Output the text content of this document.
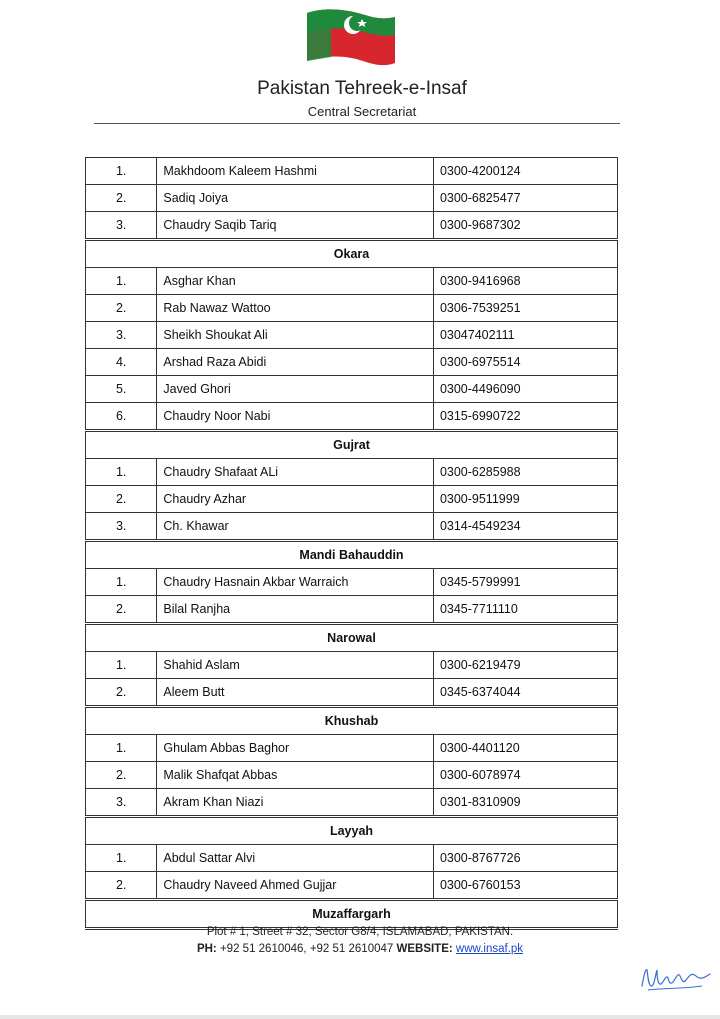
Pakistan Tehreek-e-Insaf
Central Secretariat
1.	Makhdoom Kaleem Hashmi	0300-4200124
2.	Sadiq Joiya	0300-6825477
3.	Chaudry Saqib Tariq	0300-9687302
Okara		
1.	Asghar Khan	0300-9416968
2.	Rab Nawaz Wattoo	0306-7539251
3.	Sheikh Shoukat Ali	03047402111
4.	Arshad Raza Abidi	0300-6975514
5.	Javed Ghori	0300-4496090
6.	Chaudry Noor Nabi	0315-6990722
Gujrat		
1.	Chaudry Shafaat ALi	0300-6285988
2.	Chaudry Azhar	0300-9511999
3.	Ch. Khawar	0314-4549234
Mandi Bahauddin		
1.	Chaudry Hasnain Akbar Warraich	0345-5799991
2.	Bilal Ranjha	0345-7711110
Narowal		
1.	Shahid Aslam	0300-6219479
2.	Aleem Butt	0345-6374044
Khushab		
1.	Ghulam Abbas Baghor	0300-4401120
2.	Malik Shafqat Abbas	0300-6078974
3.	Akram Khan Niazi	0301-8310909
Layyah		
1.	Abdul Sattar Alvi	0300-8767726
2.	Chaudry Naveed Ahmed Gujjar	0300-6760153
Muzaffargarh		
Plot # 1, Street # 32, Sector G8/4, ISLAMABAD, PAKISTAN.
PH: +92 51 2610046, +92 51 2610047 WEBSITE: www.insaf.pk
